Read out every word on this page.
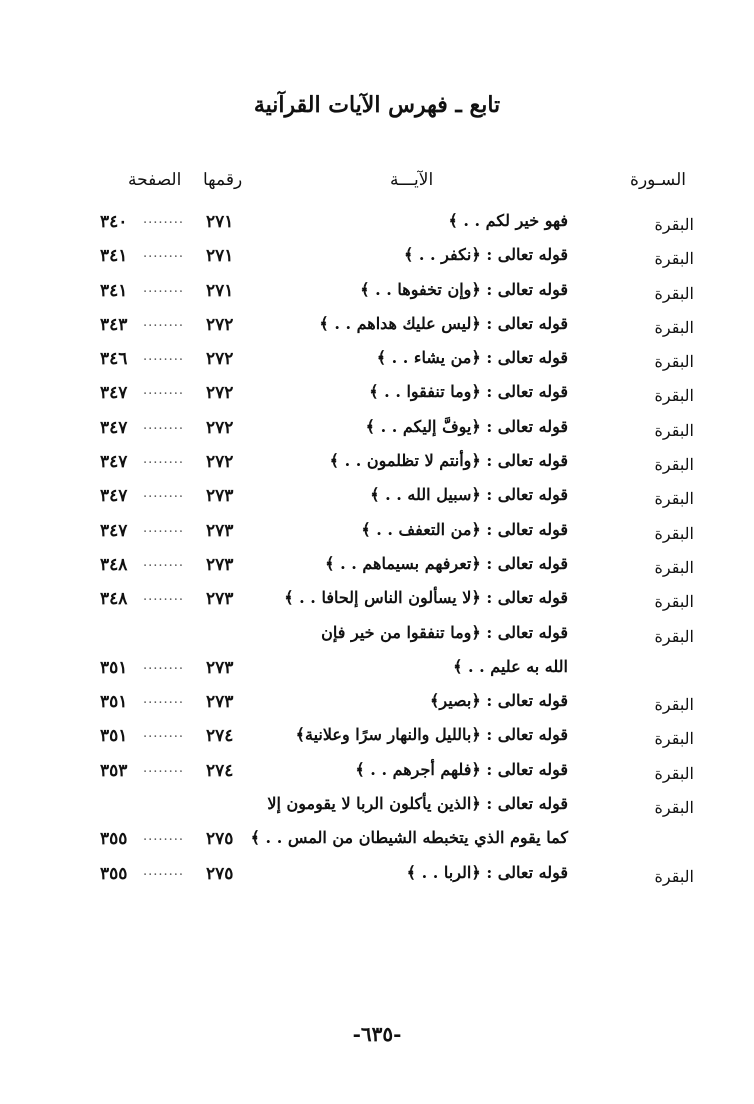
تابع ـ فهرس الآيات القرآنية
السـورة
الآيـــة
رقمها
الصفحة
البقرة
فهو خير لكم . . ﴾
٢٧١
........
٣٤٠
البقرة
قوله تعالى : ﴿نكفر . . ﴾
٢٧١
........
٣٤١
البقرة
قوله تعالى : ﴿وإن تخفوها . . ﴾
٢٧١
........
٣٤١
البقرة
قوله تعالى : ﴿ليس عليك هداهم . . ﴾
٢٧٢
........
٣٤٣
البقرة
قوله تعالى : ﴿من يشاء . . ﴾
٢٧٢
........
٣٤٦
البقرة
قوله تعالى : ﴿وما تنفقوا . . ﴾
٢٧٢
........
٣٤٧
البقرة
قوله تعالى : ﴿يوفَّ إليكم . . ﴾
٢٧٢
........
٣٤٧
البقرة
قوله تعالى : ﴿وأنتم لا تظلمون . . ﴾
٢٧٢
........
٣٤٧
البقرة
قوله تعالى : ﴿سبيل الله . . ﴾
٢٧٣
........
٣٤٧
البقرة
قوله تعالى : ﴿من التعفف . . ﴾
٢٧٣
........
٣٤٧
البقرة
قوله تعالى : ﴿تعرفهم بسيماهم . . ﴾
٢٧٣
........
٣٤٨
البقرة
قوله تعالى : ﴿لا يسألون الناس إلحافا . . ﴾
٢٧٣
........
٣٤٨
البقرة
قوله تعالى : ﴿وما تنفقوا من خير فإن
الله به عليم . . ﴾
٢٧٣
........
٣٥١
البقرة
قوله تعالى : ﴿بصير﴾
٢٧٣
........
٣٥١
البقرة
قوله تعالى : ﴿بالليل والنهار سرًا وعلانية﴾
٢٧٤
........
٣٥١
البقرة
قوله تعالى : ﴿فلهم أجرهم . . ﴾
٢٧٤
........
٣٥٣
البقرة
قوله تعالى : ﴿الذين يأكلون الربا لا يقومون إلا
كما يقوم الذي يتخبطه الشيطان من المس . . ﴾
٢٧٥
........
٣٥٥
البقرة
قوله تعالى : ﴿الربا . . ﴾
٢٧٥
........
٣٥٥
-٦٣٥-
